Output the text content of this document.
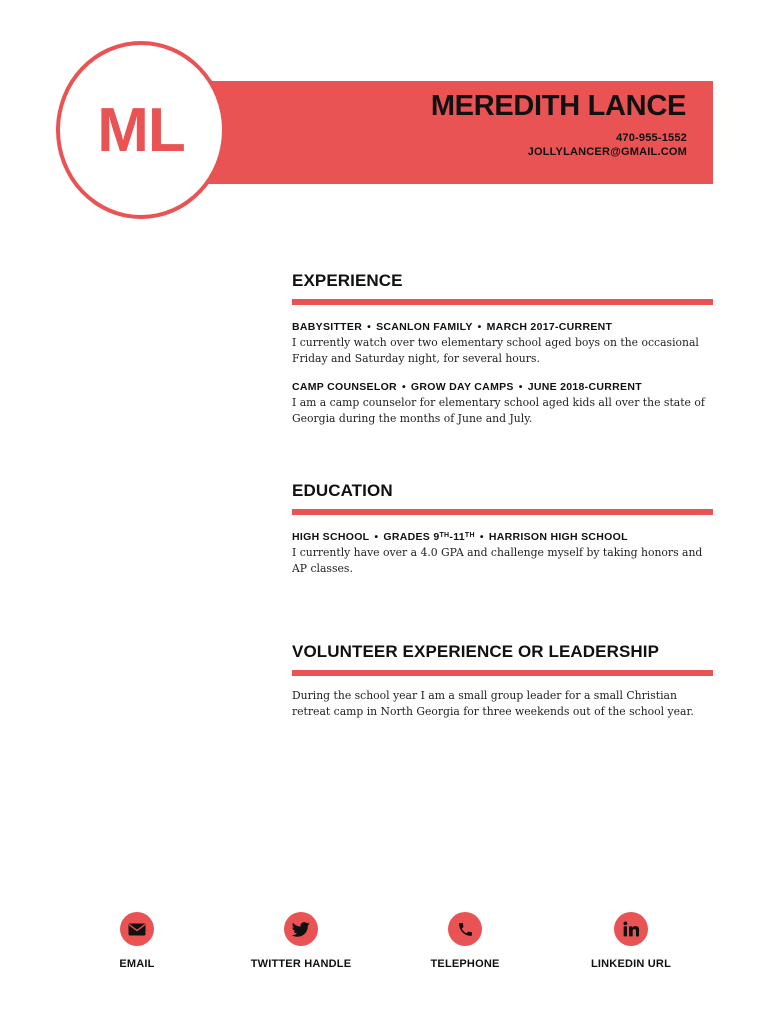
ML	MEREDITH LANCE
470-955-1552
JOLLYLANCER@GMAIL.COM
EXPERIENCE

BABYSITTER • SCANLON FAMILY • MARCH 2017-CURRENT

I currently watch over two elementary school aged boys on the occasional Friday and Saturday night, for several hours.

CAMP COUNSELOR • GROW DAY CAMPS • JUNE 2018-CURRENT

I am a camp counselor for elementary school aged kids all over the state of Georgia during the months of June and July.

EDUCATION

HIGH SCHOOL • GRADES 9TH-11TH • HARRISON HIGH SCHOOL

I currently have over a 4.0 GPA and challenge myself by taking honors and AP classes.

VOLUNTEER EXPERIENCE OR LEADERSHIP

During the school year I am a small group leader for a small Christian retreat camp in North Georgia for three weekends out of the school year.

EMAIL	TWITTER HANDLE	TELEPHONE	LINKEDIN URL
